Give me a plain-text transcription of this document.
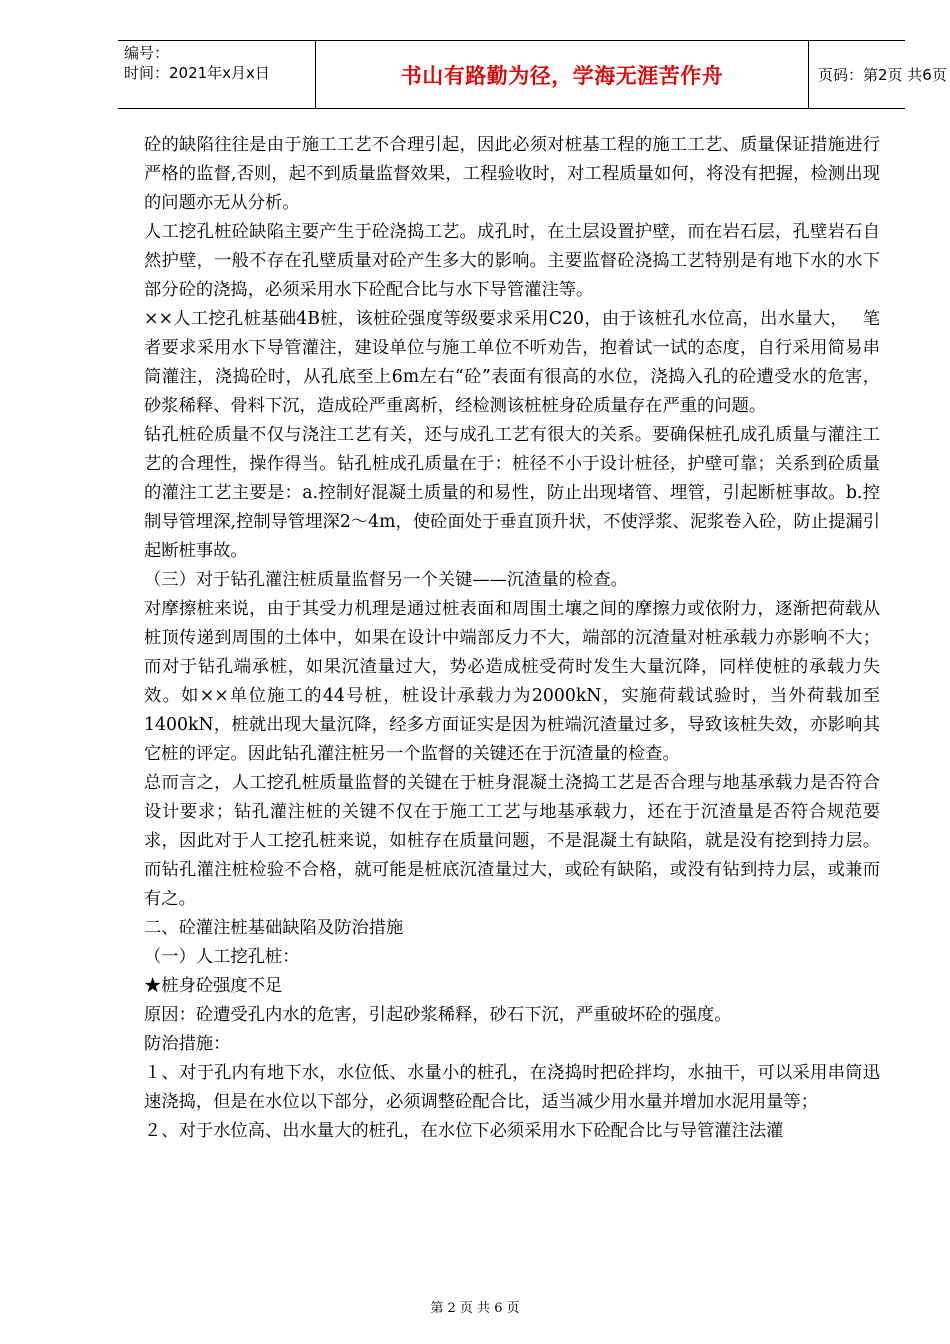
编号：
时间：2021年x月x日	书山有路勤为径，学海无涯苦作舟	页码：第2页 共6页

砼的缺陷往往是由于施工工艺不合理引起，因此必须对桩基工程的施工工艺、质量保证措施进行严格的监督,否则，起不到质量监督效果，工程验收时，对工程质量如何，将没有把握，检测出现的问题亦无从分析。

人工挖孔桩砼缺陷主要产生于砼浇捣工艺。成孔时，在土层设置护壁，而在岩石层，孔壁岩石自然护壁，一般不存在孔壁质量对砼产生多大的影响。主要监督砼浇捣工艺特别是有地下水的水下部分砼的浇捣，必须采用水下砼配合比与水下导管灌注等。

××人工挖孔桩基础4B桩，该桩砼强度等级要求采用C20，由于该桩孔水位高，出水量大，　 笔者要求采用水下导管灌注，建设单位与施工单位不听劝告，抱着试一试的态度，自行采用简易串筒灌注，浇捣砼时，从孔底至上6m左右“砼”表面有很高的水位，浇捣入孔的砼遭受水的危害，砂浆稀释、骨料下沉，造成砼严重离析，经检测该桩桩身砼质量存在严重的问题。

钻孔桩砼质量不仅与浇注工艺有关，还与成孔工艺有很大的关系。要确保桩孔成孔质量与灌注工艺的合理性，操作得当。钻孔桩成孔质量在于：桩径不小于设计桩径，护壁可靠；关系到砼质量的灌注工艺主要是：a.控制好混凝土质量的和易性，防止出现堵管、埋管，引起断桩事故。b.控制导管埋深,控制导管埋深2～4m，使砼面处于垂直顶升状，不使浮浆、泥浆卷入砼，防止提漏引起断桩事故。

（三）对于钻孔灌注桩质量监督另一个关键——沉渣量的检查。

对摩擦桩来说，由于其受力机理是通过桩表面和周围土壤之间的摩擦力或依附力，逐渐把荷载从桩顶传递到周围的土体中，如果在设计中端部反力不大，端部的沉渣量对桩承载力亦影响不大；而对于钻孔端承桩，如果沉渣量过大，势必造成桩受荷时发生大量沉降，同样使桩的承载力失效。如××单位施工的44号桩，桩设计承载力为2000kN，实施荷载试验时，当外荷载加至1400kN，桩就出现大量沉降，经多方面证实是因为桩端沉渣量过多，导致该桩失效，亦影响其它桩的评定。因此钻孔灌注桩另一个监督的关键还在于沉渣量的检查。

总而言之，人工挖孔桩质量监督的关键在于桩身混凝土浇捣工艺是否合理与地基承载力是否符合设计要求；钻孔灌注桩的关键不仅在于施工工艺与地基承载力，还在于沉渣量是否符合规范要求，因此对于人工挖孔桩来说，如桩存在质量问题，不是混凝土有缺陷，就是没有挖到持力层。而钻孔灌注桩检验不合格，就可能是桩底沉渣量过大，或砼有缺陷，或没有钻到持力层，或兼而有之。

二、砼灌注桩基础缺陷及防治措施

（一）人工挖孔桩：

★桩身砼强度不足

原因：砼遭受孔内水的危害，引起砂浆稀释，砂石下沉，严重破坏砼的强度。

防治措施：

１、对于孔内有地下水，水位低、水量小的桩孔，在浇捣时把砼拌均，水抽干，可以采用串筒迅速浇捣，但是在水位以下部分，必须调整砼配合比，适当减少用水量并增加水泥用量等；

２、对于水位高、出水量大的桩孔，在水位下必须采用水下砼配合比与导管灌注法灌

第 2 页 共 6 页
